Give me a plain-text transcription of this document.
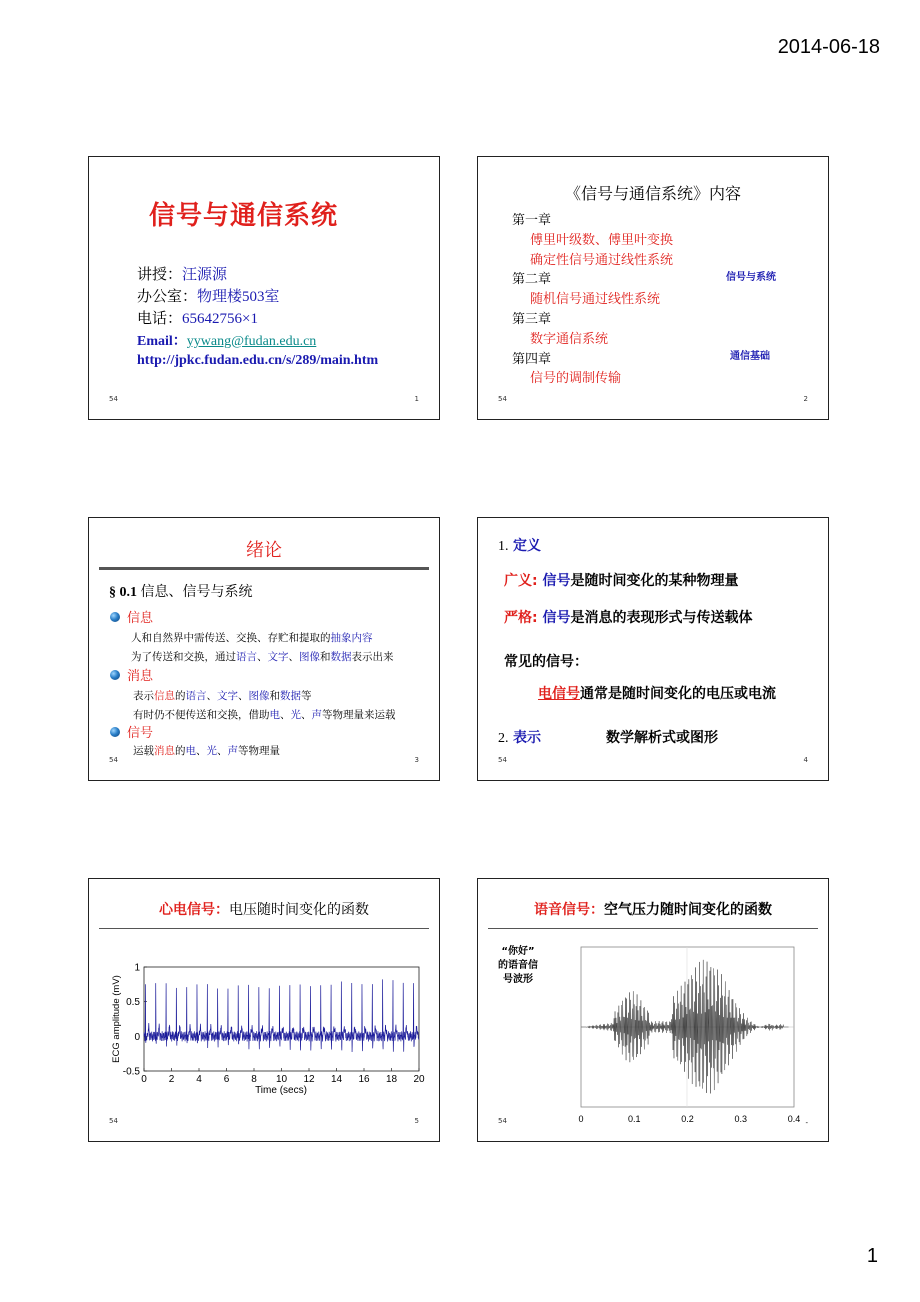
2014-06-18
信号与通信系统
讲授：汪源源
办公室：物理楼503室
电话：65642756×1
Email：yywang@fudan.edu.cn
http://jpkc.fudan.edu.cn/s/289/main.htm
54	1
《信号与通信系统》内容
第一章
傅里叶级数、傅里叶变换
确定性信号通过线性系统
第二章
随机信号通过线性系统
第三章
数字通信系统
第四章
信号的调制传输
信号与系统
通信基础
54	2
绪论
§ 0.1 信息、信号与系统
信息
人和自然界中需传送、交换、存贮和提取的抽象内容
为了传送和交换，通过语言、文字、图像和数据表示出来
消息
表示信息的语言、文字、图像和数据等
有时仍不便传送和交换，借助电、光、声等物理量来运载
信号
运载消息的电、光、声等物理量
54	3
1. 定义
广义: 信号是随时间变化的某种物理量
严格: 信号是消息的表现形式与传送载体
常见的信号：
电信号通常是随时间变化的电压或电流
2. 表示	数学解析式或图形
54	4
心电信号：电压随时间变化的函数
0 2 4 6 8 10 12 14 16 18 20
1
0.5
0
-0.5
Time (secs)
ECG amplitude (mV)
54	5
语音信号：空气压力随时间变化的函数
“你好”
的语音信
号波形
0	0.1	0.2	0.3	0.4
54	-
1
